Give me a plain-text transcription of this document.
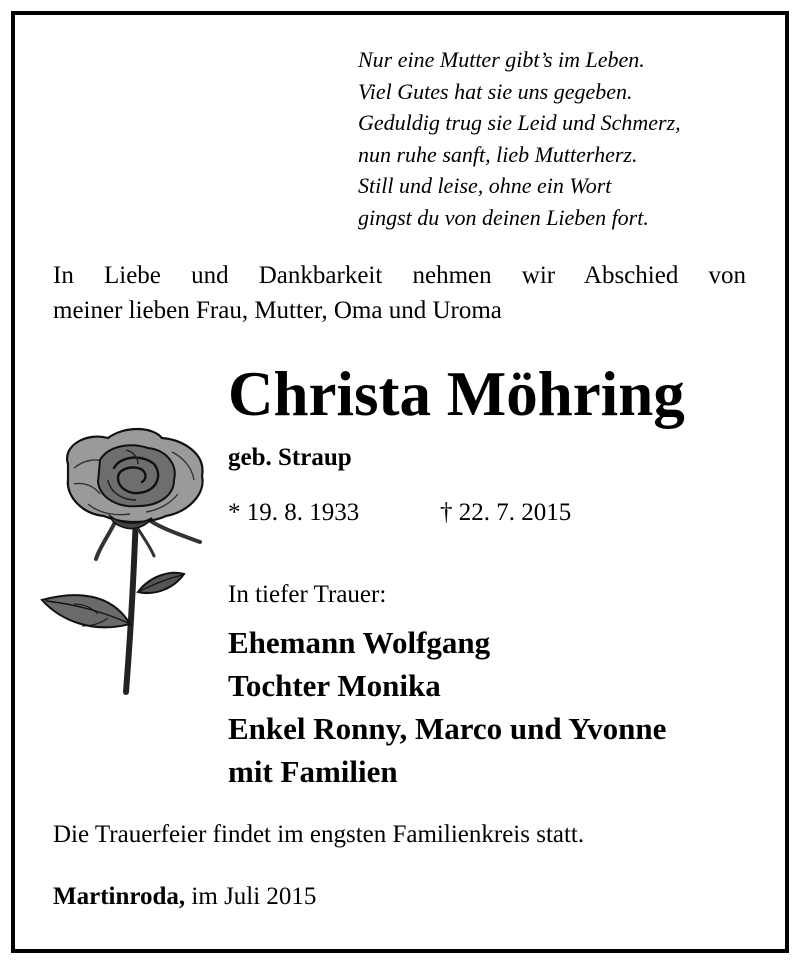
Nur eine Mutter gibt’s im Leben.
Viel Gutes hat sie uns gegeben.
Geduldig trug sie Leid und Schmerz,
nun ruhe sanft, lieb Mutterherz.
Still und leise, ohne ein Wort
gingst du von deinen Lieben fort.
In Liebe und Dankbarkeit nehmen wir Abschied von
meiner lieben Frau, Mutter, Oma und Uroma
Christa Möhring
geb. Straup
* 19. 8. 1933	† 22. 7. 2015
In tiefer Trauer:
Ehemann Wolfgang
Tochter Monika
Enkel Ronny, Marco und Yvonne
mit Familien
Die Trauerfeier findet im engsten Familienkreis statt.
Martinroda, im Juli 2015
